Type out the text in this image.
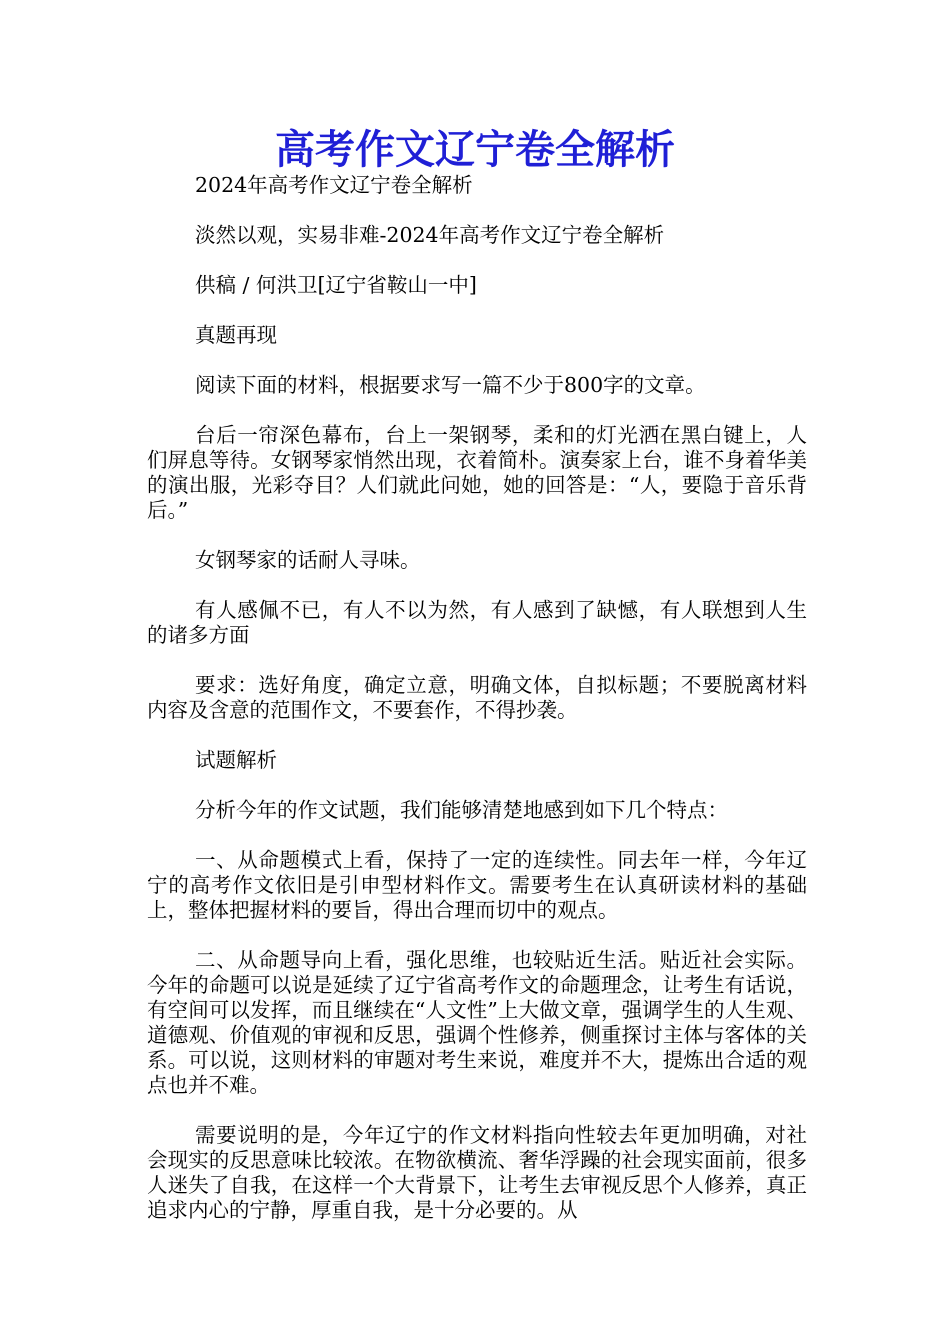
高考作文辽宁卷全解析

2024年高考作文辽宁卷全解析

淡然以观，实易非难-2024年高考作文辽宁卷全解析

供稿 / 何洪卫[辽宁省鞍山一中]

真题再现

阅读下面的材料，根据要求写一篇不少于800字的文章。

台后一帘深色幕布，台上一架钢琴，柔和的灯光洒在黑白键上，人们屏息等待。女钢琴家悄然出现，衣着简朴。演奏家上台，谁不身着华美的演出服，光彩夺目？人们就此问她，她的回答是：“人，要隐于音乐背后。”

女钢琴家的话耐人寻味。

有人感佩不已，有人不以为然，有人感到了缺憾，有人联想到人生的诸多方面

要求：选好角度，确定立意，明确文体，自拟标题；不要脱离材料内容及含意的范围作文，不要套作，不得抄袭。

试题解析

分析今年的作文试题，我们能够清楚地感到如下几个特点：

一、从命题模式上看，保持了一定的连续性。同去年一样，今年辽宁的高考作文依旧是引申型材料作文。需要考生在认真研读材料的基础上，整体把握材料的要旨，得出合理而切中的观点。

二、从命题导向上看，强化思维，也较贴近生活。贴近社会实际。今年的命题可以说是延续了辽宁省高考作文的命题理念，让考生有话说，有空间可以发挥，而且继续在“人文性”上大做文章，强调学生的人生观、道德观、价值观的审视和反思，强调个性修养，侧重探讨主体与客体的关系。可以说，这则材料的审题对考生来说，难度并不大，提炼出合适的观点也并不难。

需要说明的是，今年辽宁的作文材料指向性较去年更加明确，对社会现实的反思意味比较浓。在物欲横流、奢华浮躁的社会现实面前，很多人迷失了自我，在这样一个大背景下，让考生去审视反思个人修养，真正追求内心的宁静，厚重自我，是十分必要的。从
